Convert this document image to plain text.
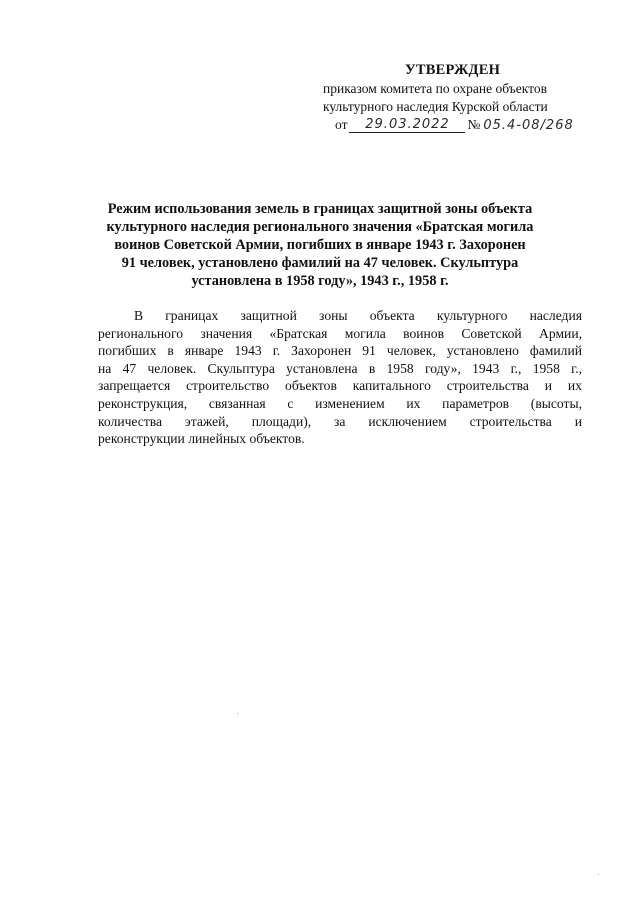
УТВЕРЖДЕН
приказом комитета по охране объектов
культурного наследия Курской области
от	29.03.2022	№ 05.4-08/268
Режим использования земель в границах защитной зоны объекта
культурного наследия регионального значения «Братская могила
воинов Советской Армии, погибших в январе 1943 г. Захоронен
91 человек, установлено фамилий на 47 человек. Скульптура
установлена в 1958 году», 1943 г., 1958 г.
В границах защитной зоны объекта культурного наследия
регионального значения «Братская могила воинов Советской Армии,
погибших в январе 1943 г. Захоронен 91 человек, установлено фамилий
на 47 человек. Скульптура установлена в 1958 году», 1943 г., 1958 г.,
запрещается строительство объектов капитального строительства и их
реконструкция, связанная с изменением их параметров (высоты,
количества этажей, площади), за исключением строительства и
реконструкции линейных объектов.
